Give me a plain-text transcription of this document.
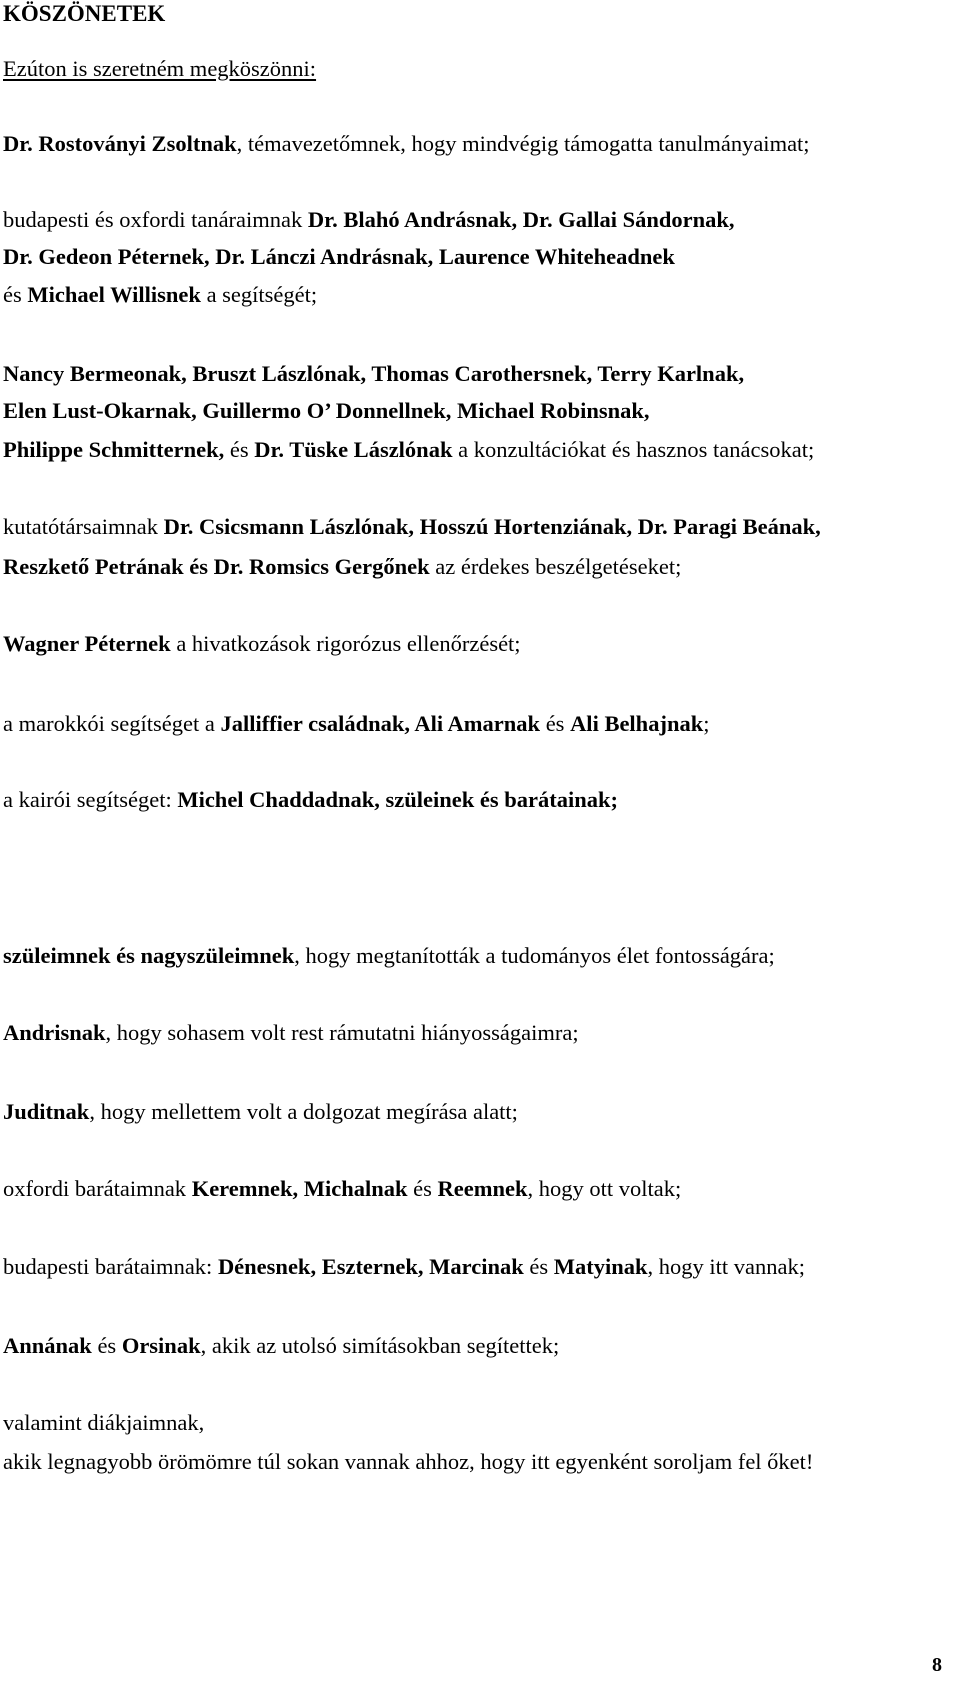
KÖSZÖNETEK
Ezúton is szeretném megköszönni:
Dr. Rostoványi Zsoltnak, témavezetőmnek, hogy mindvégig támogatta tanulmányaimat;
budapesti és oxfordi tanáraimnak Dr. Blahó Andrásnak, Dr. Gallai Sándornak,
Dr. Gedeon Péternek, Dr. Lánczi Andrásnak, Laurence Whiteheadnek
és Michael Willisnek a segítségét;
Nancy Bermeonak, Bruszt Lászlónak, Thomas Carothersnek, Terry Karlnak,
Elen Lust-Okarnak, Guillermo O’ Donnellnek, Michael Robinsnak,
Philippe Schmitternek, és Dr. Tüske Lászlónak a konzultációkat és hasznos tanácsokat;
kutatótársaimnak Dr. Csicsmann Lászlónak, Hosszú Hortenziának, Dr. Paragi Beának,
Reszkető Petrának és Dr. Romsics Gergőnek az érdekes beszélgetéseket;
Wagner Péternek a hivatkozások rigorózus ellenőrzését;
a marokkói segítséget a Jalliffier családnak, Ali Amarnak és Ali Belhajnak;
a kairói segítséget: Michel Chaddadnak, szüleinek és barátainak;
szüleimnek és nagyszüleimnek, hogy megtanították a tudományos élet fontosságára;
Andrisnak, hogy sohasem volt rest rámutatni hiányosságaimra;
Juditnak, hogy mellettem volt a dolgozat megírása alatt;
oxfordi barátaimnak Keremnek, Michalnak és Reemnek, hogy ott voltak;
budapesti barátaimnak: Dénesnek, Eszternek, Marcinak és Matyinak, hogy itt vannak;
Annának és Orsinak, akik az utolsó simításokban segítettek;
valamint diákjaimnak,
akik legnagyobb örömömre túl sokan vannak ahhoz, hogy itt egyenként soroljam fel őket!
8
